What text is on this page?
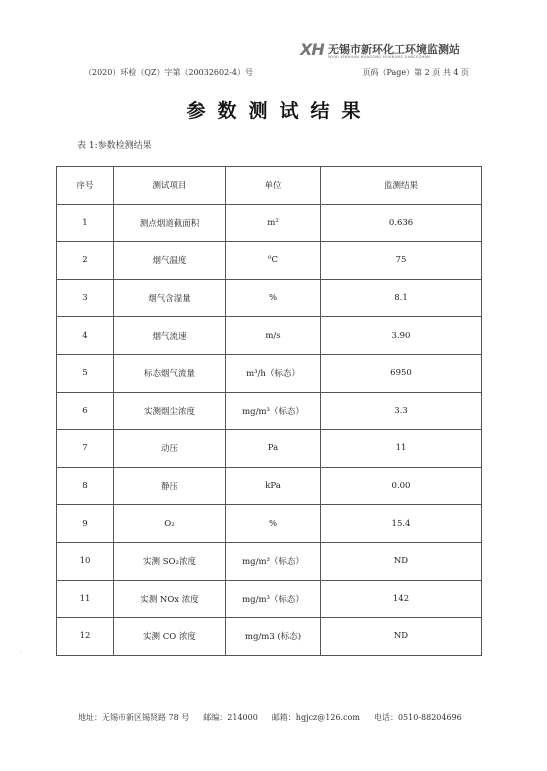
XH 无锡市新环化工环境监测站
WUXI XINHUAN HUAGONG HUANJING JIANCEZHAN
（2020）环检（QZ）字第（20032602-4）号	页码（Page）第 2 页 共 4 页
参数测试结果
表 1:参数检测结果
序号	测试项目	单位	监测结果
1	测点烟道截面积	m²	0.636
2	烟气温度	⁰C	75
3	烟气含湿量	%	8.1
4	烟气流速	m/s	3.90
5	标态烟气流量	m³/h（标态）	6950
6	实测烟尘浓度	mg/m³（标态）	3.3
7	动压	Pa	11
8	静压	kPa	0.00
9	O₂	%	15.4
10	实测 SO₂浓度	mg/m³（标态）	ND
11	实测 NOx 浓度	mg/m³（标态）	142
12	实测 CO 浓度	mg/m3 (标态)	ND
·
地址：无锡市新区锡贤路 78 号 邮编：214000 邮箱：hgjcz@126.com 电话：0510-88204696
